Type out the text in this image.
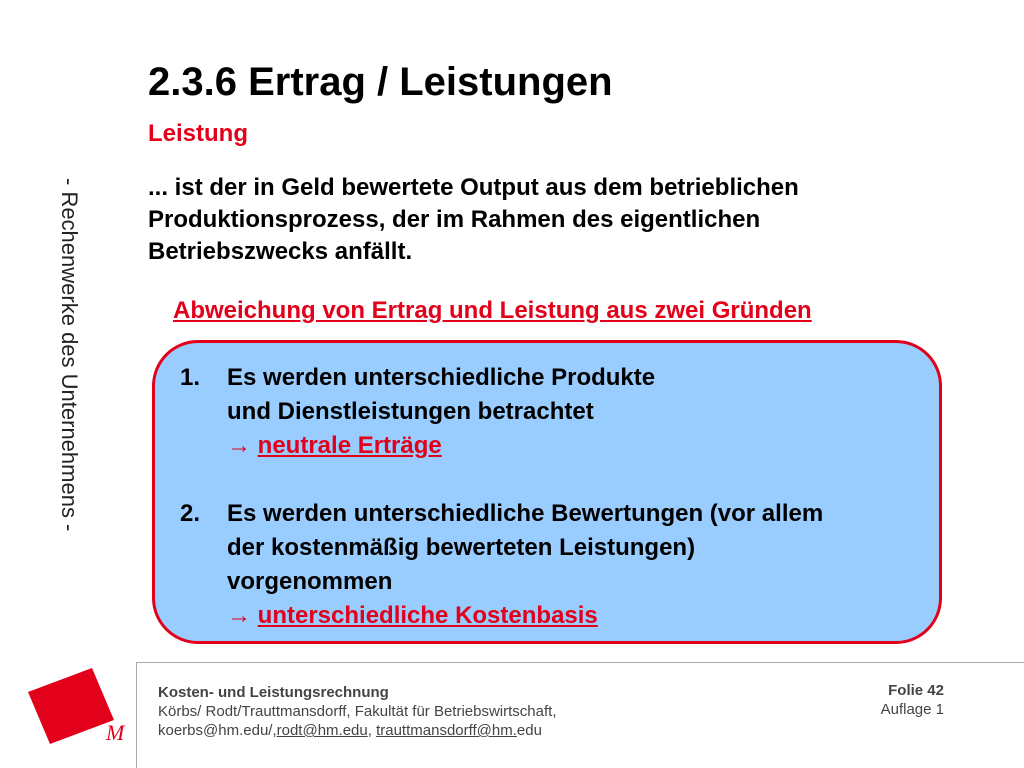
- Rechenwerke des Unternehmens -
2.3.6 Ertrag / Leistungen
Leistung
... ist der in Geld bewertete Output aus dem betrieblichen
Produktionsprozess, der im Rahmen des eigentlichen
Betriebszwecks anfällt.
Abweichung von Ertrag und Leistung aus zwei Gründen
1.	Es werden unterschiedliche Produkte
und Dienstleistungen betrachtet
→ neutrale Erträge
2.	Es werden unterschiedliche Bewertungen (vor allem
der kostenmäßig bewerteten Leistungen)
vorgenommen
→ unterschiedliche Kostenbasis
M
Kosten- und Leistungsrechnung
Körbs/ Rodt/Trauttmansdorff, Fakultät für Betriebswirtschaft,
koerbs@hm.edu/,rodt@hm.edu, trauttmansdorff@hm.edu
Folie 42
Auflage 1
